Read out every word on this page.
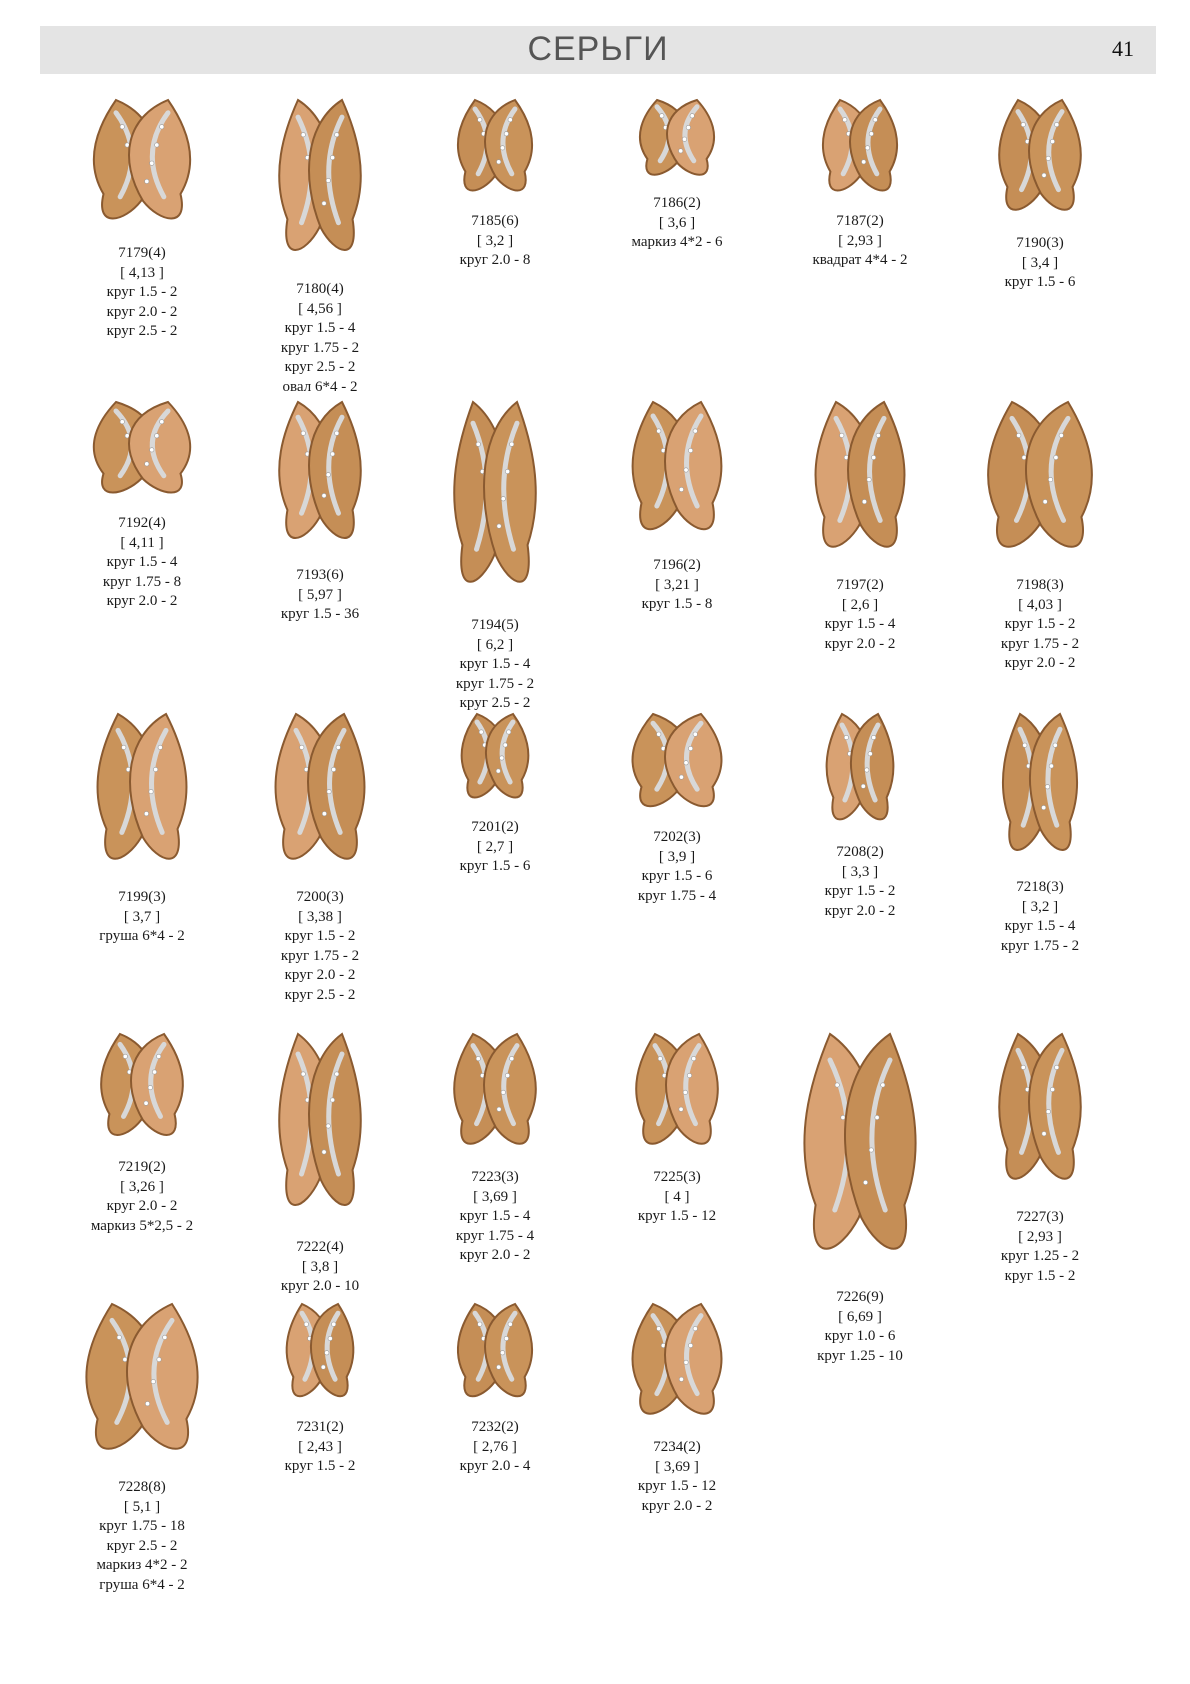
СЕРЬГИ	41
7179(4)
[ 4,13 ]
круг 1.5 - 2
круг 2.0 - 2
круг 2.5 - 2
7180(4)
[ 4,56 ]
круг 1.5 - 4
круг 1.75 - 2
круг 2.5 - 2
овал 6*4 - 2
7185(6)
[ 3,2 ]
круг 2.0 - 8
7186(2)
[ 3,6 ]
маркиз 4*2 - 6
7187(2)
[ 2,93 ]
квадрат 4*4 - 2
7190(3)
[ 3,4 ]
круг 1.5 - 6
7192(4)
[ 4,11 ]
круг 1.5 - 4
круг 1.75 - 8
круг 2.0 - 2
7193(6)
[ 5,97 ]
круг 1.5 - 36
7194(5)
[ 6,2 ]
круг 1.5 - 4
круг 1.75 - 2
круг 2.5 - 2
7196(2)
[ 3,21 ]
круг 1.5 - 8
7197(2)
[ 2,6 ]
круг 1.5 - 4
круг 2.0 - 2
7198(3)
[ 4,03 ]
круг 1.5 - 2
круг 1.75 - 2
круг 2.0 - 2
7199(3)
[ 3,7 ]
груша 6*4 - 2
7200(3)
[ 3,38 ]
круг 1.5 - 2
круг 1.75 - 2
круг 2.0 - 2
круг 2.5 - 2
7201(2)
[ 2,7 ]
круг 1.5 - 6
7202(3)
[ 3,9 ]
круг 1.5 - 6
круг 1.75 - 4
7208(2)
[ 3,3 ]
круг 1.5 - 2
круг 2.0 - 2
7218(3)
[ 3,2 ]
круг 1.5 - 4
круг 1.75 - 2
7219(2)
[ 3,26 ]
круг 2.0 - 2
маркиз 5*2,5 - 2
7222(4)
[ 3,8 ]
круг 2.0 - 10
7223(3)
[ 3,69 ]
круг 1.5 - 4
круг 1.75 - 4
круг 2.0 - 2
7225(3)
[ 4 ]
круг 1.5 - 12
7226(9)
[ 6,69 ]
круг 1.0 - 6
круг 1.25 - 10
7227(3)
[ 2,93 ]
круг 1.25 - 2
круг 1.5 - 2
7228(8)
[ 5,1 ]
круг 1.75 - 18
круг 2.5 - 2
маркиз 4*2 - 2
груша 6*4 - 2
7231(2)
[ 2,43 ]
круг 1.5 - 2
7232(2)
[ 2,76 ]
круг 2.0 - 4
7234(2)
[ 3,69 ]
круг 1.5 - 12
круг 2.0 - 2
